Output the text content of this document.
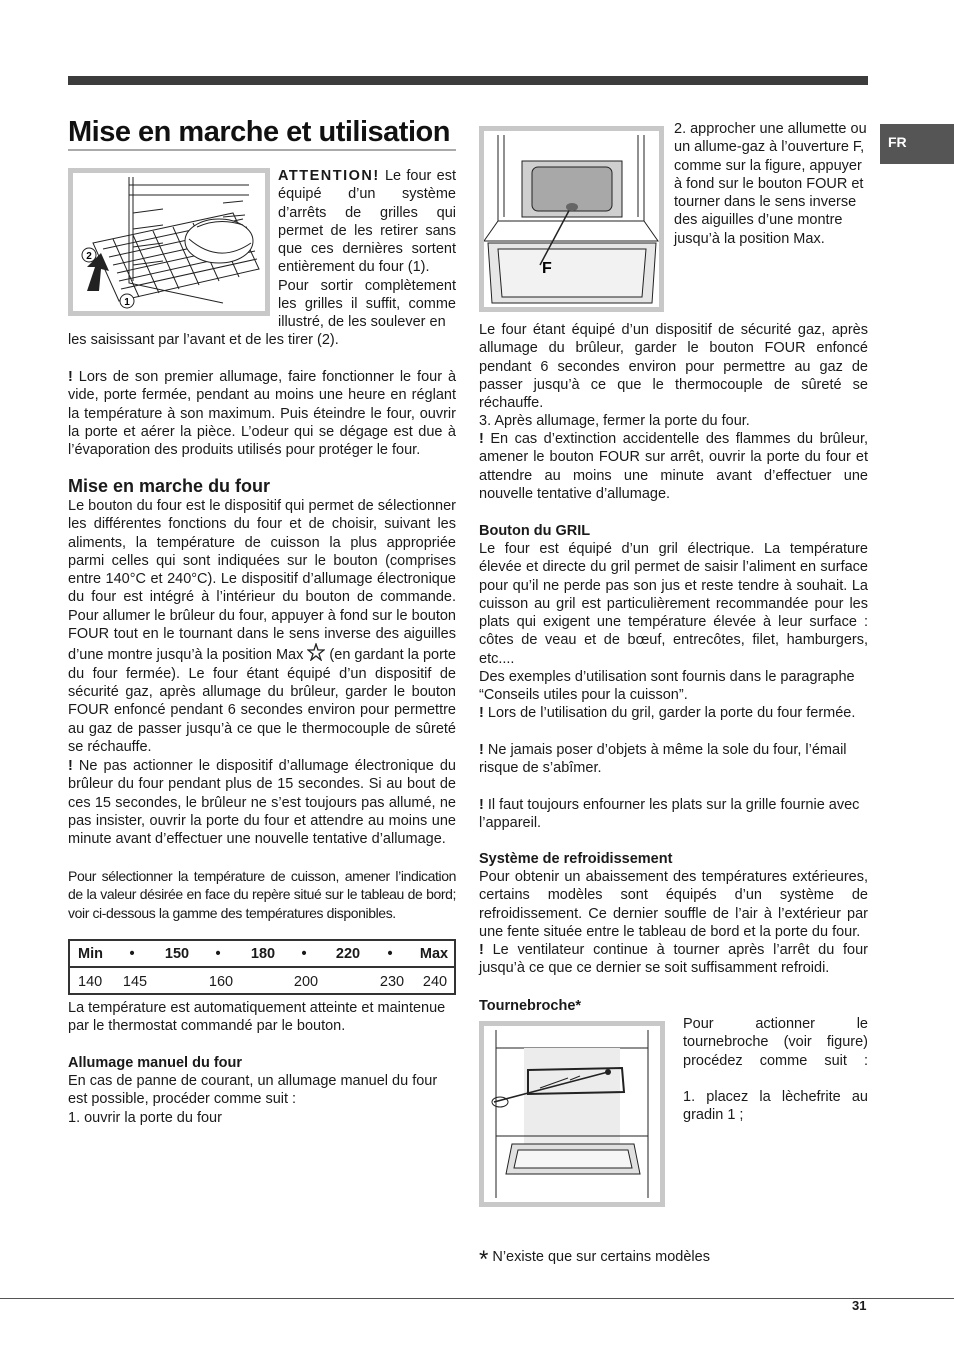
FR
Mise en marche et utilisation
2
1

ATTENTION! Le four est équipé d’un système d’arrêts de grilles qui permet de les retirer sans que ces dernières sortent entièrement du four (1).

Pour sortir complètement les grilles il suffit, comme illustré, de les soulever en

les saisissant par l’avant et de les tirer (2).

! Lors de son premier allumage, faire fonctionner le four à vide, porte fermée, pendant au moins une heure en réglant la température à son maximum. Puis éteindre le four, ouvrir la porte et aérer la pièce. L’odeur qui se dégage est due à l’évaporation des produits utilisés pour protéger le four.

Mise en marche du four

Le bouton du four est le dispositif qui permet de sélectionner les différentes fonctions du four et de choisir, suivant les aliments, la température de cuisson la plus appropriée parmi celles qui sont indiquées sur le bouton (comprises entre 140°C et 240°C). Le dispositif d’allumage électronique du four est intégré à l’intérieur du bouton de commande. Pour allumer le brûleur du four, appuyer à fond sur le bouton FOUR tout en le tournant dans le sens inverse des aiguilles d’une montre jusqu’à la position Max  (en gardant la porte du four fermée). Le four étant équipé d’un dispositif de sécurité gaz, après allumage du brûleur, garder le bouton FOUR enfoncé pendant 6 secondes environ pour permettre au gaz de passer jusqu’à ce que le thermocouple de sûreté se réchauffe.

! Ne pas actionner le dispositif d’allumage électronique du brûleur du four pendant plus de 15 secondes. Si au bout de ces 15 secondes, le brûleur ne s’est toujours pas allumé, ne pas insister, ouvrir la porte du four et attendre au moins une minute avant d’effectuer une nouvelle tentative d’allumage.

Pour sélectionner la température de cuisson, amener l’indication de la valeur désirée en face du repère situé sur le tableau de bord; voir ci-dessous la gamme des températures disponibles.
Min • 150 • 180 • 220 • Max
140 145	160	200	230 240
La température est automatiquement atteinte et maintenue par le thermostat commandé par le bouton.
Allumage manuel du four

En cas de panne de courant, un allumage manuel du four est possible, procéder comme suit :

1. ouvrir la porte du four

F
2. approcher une allumette ou un allume-gaz à l’ouverture F, comme sur la figure, appuyer à fond sur le bouton FOUR et tourner dans le sens inverse des aiguilles d’une montre jusqu’à la position Max.

Le four étant équipé d’un dispositif de sécurité gaz, après allumage du brûleur, garder le bouton FOUR enfoncé pendant 6 secondes environ pour permettre au gaz de passer jusqu’à ce que le thermocouple de sûreté se réchauffe.

3. Après allumage, fermer la porte du four.

! En cas d’extinction accidentelle des flammes du brûleur, amener le bouton FOUR sur arrêt, ouvrir la porte du four et attendre au moins une minute avant d’effectuer une nouvelle tentative d’allumage.

Bouton du GRIL

Le four est équipé d’un gril électrique. La température élevée et directe du gril permet de saisir l’aliment en surface pour qu’il ne perde pas son jus et reste tendre à souhait. La cuisson au gril est particulièrement recommandée pour les plats qui exigent une température élevée à leur surface : côtes de veau et de bœuf, entrecôtes, filet, hamburgers, etc....

Des exemples d’utilisation sont fournis dans le paragraphe “Conseils utiles pour la cuisson”.

! Lors de l’utilisation du gril, garder la porte du four fermée.

! Ne jamais poser d’objets à même la sole du four, l’émail risque de s’abîmer.

! Il faut toujours enfourner les plats sur la grille fournie avec l’appareil.

Système de refroidissement

Pour obtenir un abaissement des températures extérieures, certains modèles sont équipés d’un système de refroidissement. Ce dernier souffle de l’air à l’extérieur par une fente située entre le tableau de bord et la porte du four.

! Le ventilateur continue à tourner après l’arrêt du four jusqu’à ce que ce dernier se soit suffisamment refroidi.

Tournebroche*

Pour actionner le tournebroche (voir figure) procédez comme suit :

1. placez la lèchefrite au gradin 1 ;

* N’existe que sur certains modèles
31
